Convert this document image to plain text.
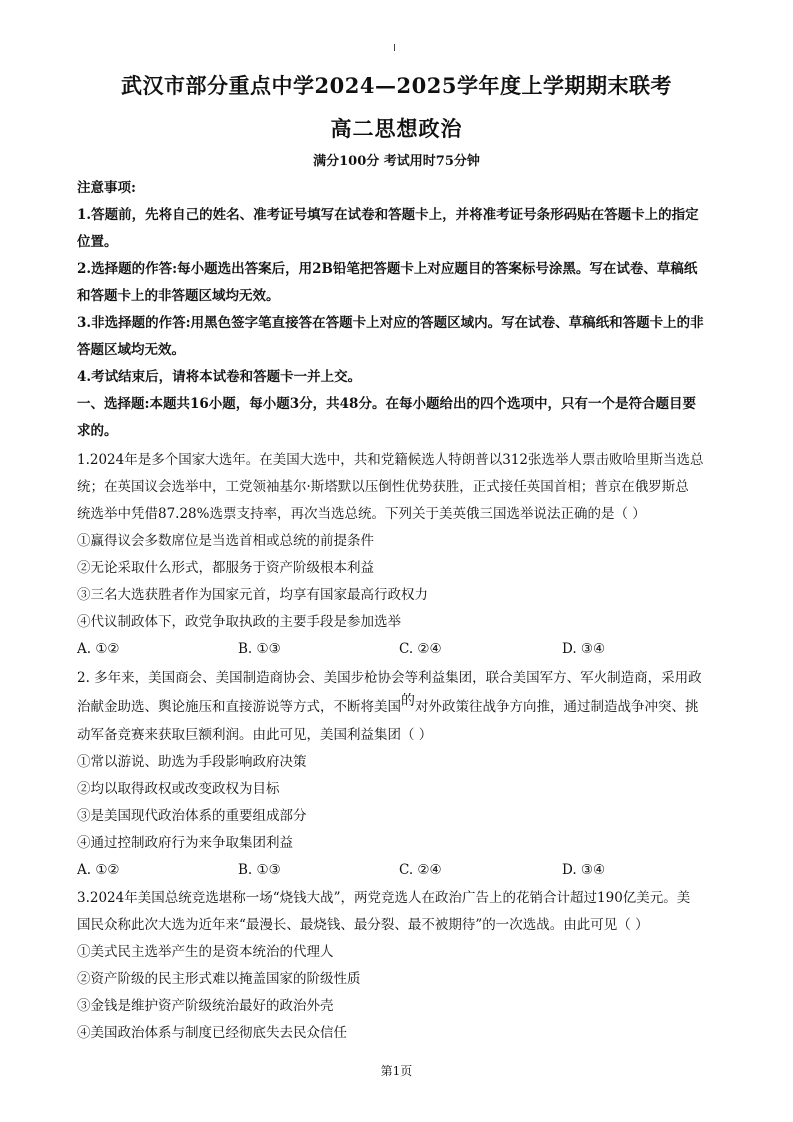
武汉市部分重点中学2024—2025学年度上学期期末联考
高二思想政治
满分100分 考试用时75分钟
注意事项:
1.答题前，先将自己的姓名、准考证号填写在试卷和答题卡上，并将准考证号条形码贴在答题卡上的指定
位置。
2.选择题的作答:每小题选出答案后，用2B铅笔把答题卡上对应题目的答案标号涂黑。写在试卷、草稿纸
和答题卡上的非答题区域均无效。
3.非选择题的作答:用黑色签字笔直接答在答题卡上对应的答题区域内。写在试卷、草稿纸和答题卡上的非
答题区域均无效。
4.考试结束后，请将本试卷和答题卡一并上交。
一、选择题:本题共16小题，每小题3分，共48分。在每小题给出的四个选项中，只有一个是符合题目要
求的。
1.2024年是多个国家大选年。在美国大选中，共和党籍候选人特朗普以312张选举人票击败哈里斯当选总
统；在英国议会选举中，工党领袖基尔·斯塔默以压倒性优势获胜，正式接任英国首相；普京在俄罗斯总
统选举中凭借87.28%选票支持率，再次当选总统。下列关于美英俄三国选举说法正确的是（ ）
①赢得议会多数席位是当选首相或总统的前提条件
②无论采取什么形式，都服务于资产阶级根本利益
③三名大选获胜者作为国家元首，均享有国家最高行政权力
④代议制政体下，政党争取执政的主要手段是参加选举
A. ①②	B. ①③	C. ②④	D. ③④
2. 多年来，美国商会、美国制造商协会、美国步枪协会等利益集团，联合美国军方、军火制造商，采用政
治献金助选、舆论施压和直接游说等方式，不断将美国的对外政策往战争方向推，通过制造战争冲突、挑
动军备竞赛来获取巨额利润。由此可见，美国利益集团（ ）
①常以游说、助选为手段影响政府决策
②均以取得政权或改变政权为目标
③是美国现代政治体系的重要组成部分
④通过控制政府行为来争取集团利益
A. ①②	B. ①③	C. ②④	D. ③④
3.2024年美国总统竞选堪称一场“烧钱大战”，两党竞选人在政治广告上的花销合计超过190亿美元。美
国民众称此次大选为近年来“最漫长、最烧钱、最分裂、最不被期待”的一次选战。由此可见（ ）
①美式民主选举产生的是资本统治的代理人
②资产阶级的民主形式难以掩盖国家的阶级性质
③金钱是维护资产阶级统治最好的政治外壳
④美国政治体系与制度已经彻底失去民众信任
第1页
